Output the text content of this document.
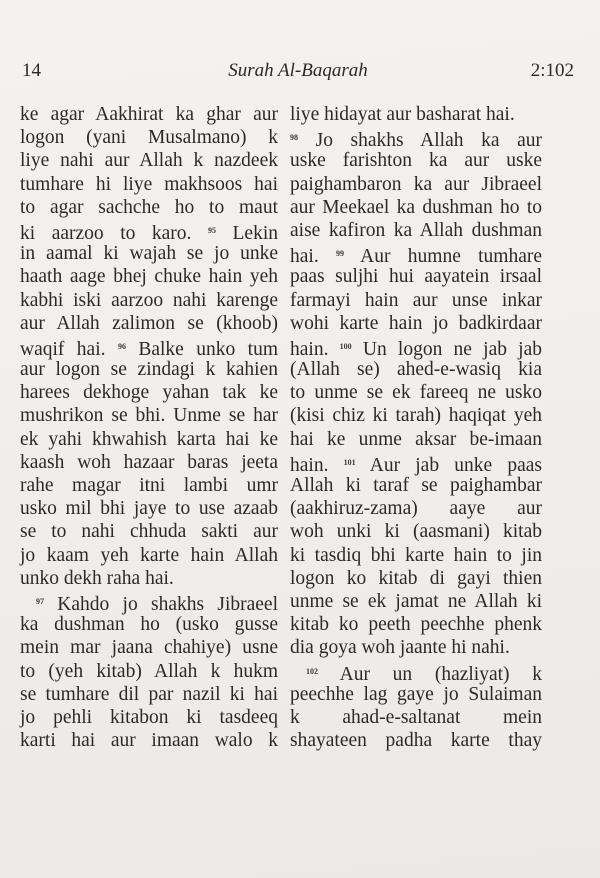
14	Surah Al-Baqarah	2:102
ke agar Aakhirat ka ghar aur
logon (yani Musalmano) k
liye nahi aur Allah k nazdeek
tumhare hi liye makhsoos hai
to agar sachche ho to maut
ki aarzoo to karo. $^{95}$ Lekin
in aamal ki wajah se jo unke
haath aage bhej chuke hain yeh
kabhi iski aarzoo nahi karenge
aur Allah zalimon se (khoob)
waqif hai. $^{96}$ Balke unko tum
aur logon se zindagi k kahien
harees dekhoge yahan tak ke
mushrikon se bhi. Unme se har
ek yahi khwahish karta hai ke
kaash woh hazaar baras jeeta
rahe magar itni lambi umr
usko mil bhi jaye to use azaab
se to nahi chhuda sakti aur
jo kaam yeh karte hain Allah
unko dekh raha hai.
$^{97}$ Kahdo jo shakhs Jibraeel
ka dushman ho (usko gusse
mein mar jaana chahiye) usne
to (yeh kitab) Allah k hukm
se tumhare dil par nazil ki hai
jo pehli kitabon ki tasdeeq
karti hai aur imaan walo k
liye hidayat aur basharat hai.
$^{98}$ Jo shakhs Allah ka aur
uske farishton ka aur uske
paighambaron ka aur Jibraeel
aur Meekael ka dushman ho to
aise kafiron ka Allah dushman
hai. $^{99}$ Aur humne tumhare
paas suljhi hui aayatein irsaal
farmayi hain aur unse inkar
wohi karte hain jo badkirdaar
hain. $^{100}$ Un logon ne jab jab
(Allah se) ahed-e-wasiq kia
to unme se ek fareeq ne usko
(kisi chiz ki tarah) haqiqat yeh
hai ke unme aksar be-imaan
hain. $^{101}$ Aur jab unke paas
Allah ki taraf se paighambar
(aakhiruz-zama) aaye aur
woh unki ki (aasmani) kitab
ki tasdiq bhi karte hain to jin
logon ko kitab di gayi thien
unme se ek jamat ne Allah ki
kitab ko peeth peechhe phenk
dia goya woh jaante hi nahi.
$^{102}$ Aur un (hazliyat) k
peechhe lag gaye jo Sulaiman
k ahad-e-saltanat mein
shayateen padha karte thay
